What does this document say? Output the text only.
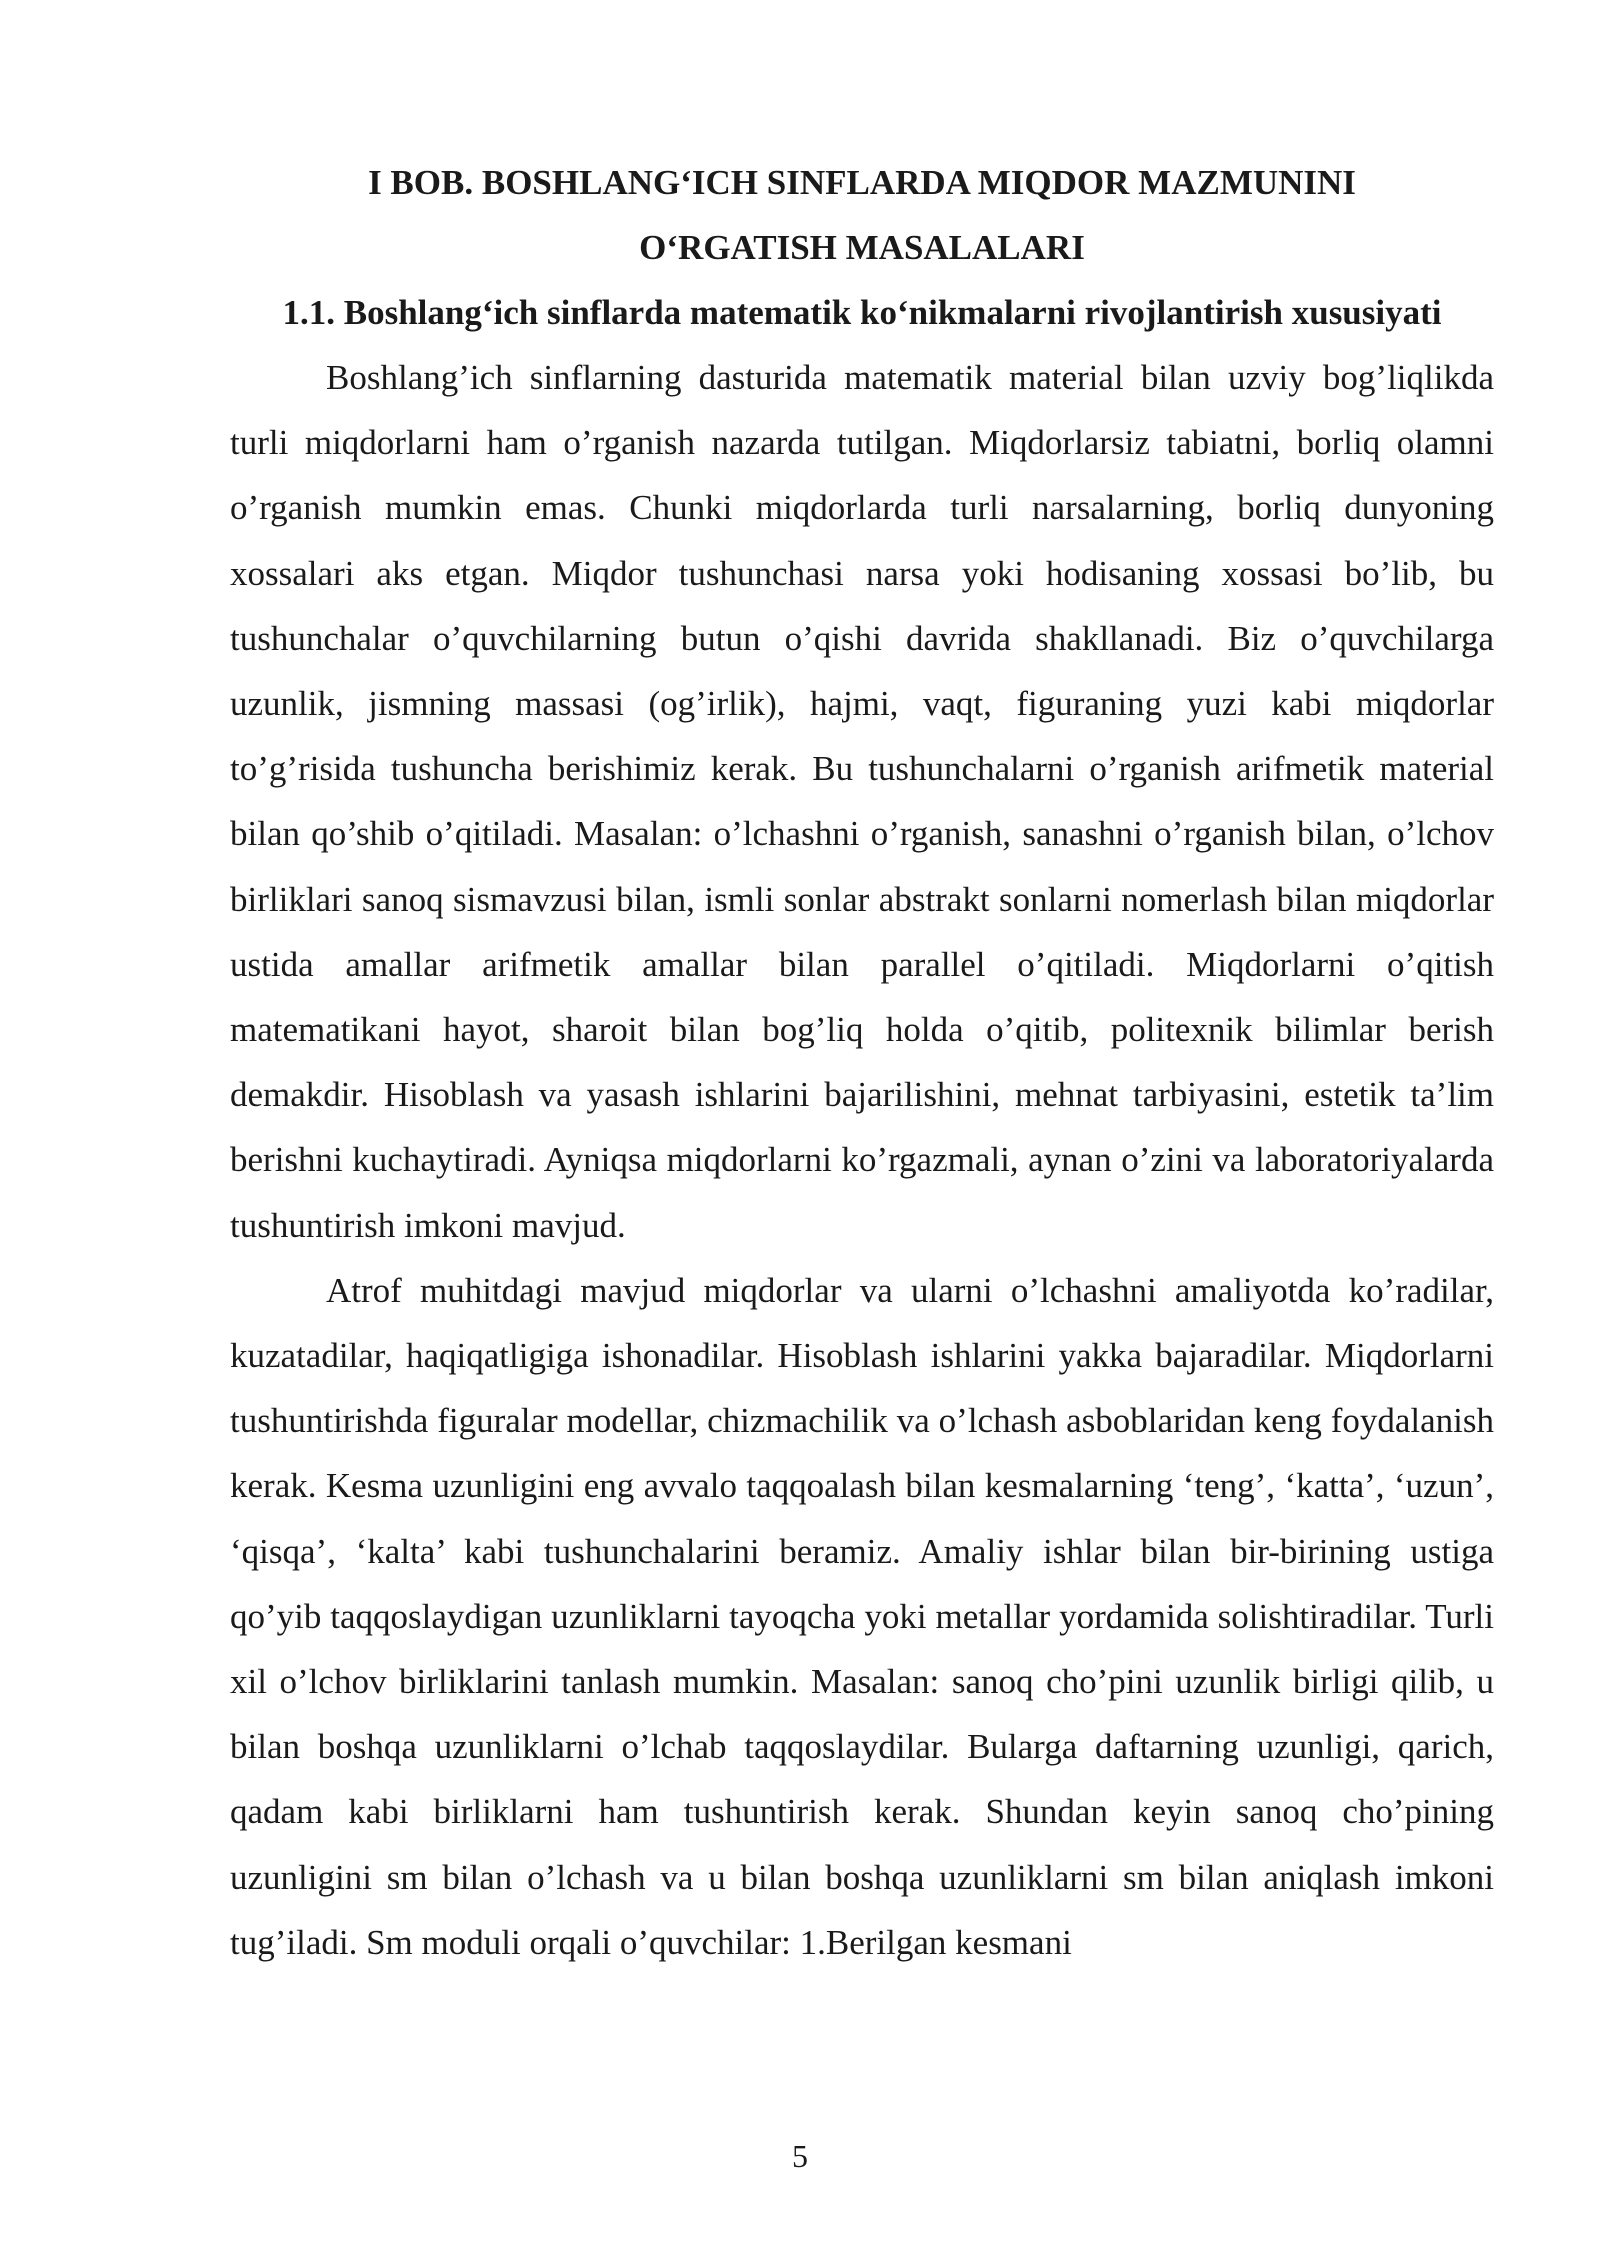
I BOB. BOSHLANG‘ICH SINFLARDA MIQDOR MAZMUNINI

O‘RGATISH MASALALARI

1.1. Boshlang‘ich sinflarda matematik ko‘nikmalarni rivojlantirish xususiyati

Boshlang’ich sinflarning dasturida matematik material bilan uzviy bog’liqlikda turli miqdorlarni ham o’rganish nazarda tutilgan. Miqdorlarsiz tabiatni, borliq olamni o’rganish mumkin emas. Chunki miqdorlarda turli narsalarning, borliq dunyoning xossalari aks etgan. Miqdor tushunchasi narsa yoki hodisaning xossasi bo’lib, bu tushunchalar o’quvchilarning butun o’qishi davrida shakllanadi. Biz o’quvchilarga uzunlik, jismning massasi (og’irlik), hajmi, vaqt, figuraning yuzi kabi miqdorlar to’g’risida tushuncha berishimiz kerak. Bu tushunchalarni o’rganish arifmetik material bilan qo’shib o’qitiladi. Masalan: o’lchashni o’rganish, sanashni o’rganish bilan, o’lchov birliklari sanoq sismavzusi bilan, ismli sonlar abstrakt sonlarni nomerlash bilan miqdorlar ustida amallar arifmetik amallar bilan parallel o’qitiladi. Miqdorlarni o’qitish matematikani hayot, sharoit bilan bog’liq holda o’qitib, politexnik bilimlar berish demakdir. Hisoblash va yasash ishlarini bajarilishini, mehnat tarbiyasini, estetik ta’lim berishni kuchaytiradi. Ayniqsa miqdorlarni ko’rgazmali, aynan o’zini va laboratoriyalarda tushuntirish imkoni mavjud.

Atrof muhitdagi mavjud miqdorlar va ularni o’lchashni amaliyotda ko’radilar, kuzatadilar, haqiqatligiga ishonadilar. Hisoblash ishlarini yakka bajaradilar. Miqdorlarni tushuntirishda figuralar modellar, chizmachilik va o’lchash asboblaridan keng foydalanish kerak. Kesma uzunligini eng avvalo taqqoalash bilan kesmalarning ‘teng’, ‘katta’, ‘uzun’, ‘qisqa’, ‘kalta’ kabi tushunchalarini beramiz. Amaliy ishlar bilan bir-birining ustiga qo’yib taqqoslaydigan uzunliklarni tayoqcha yoki metallar yordamida solishtiradilar. Turli xil o’lchov birliklarini tanlash mumkin. Masalan: sanoq cho’pini uzunlik birligi qilib, u bilan boshqa uzunliklarni o’lchab taqqoslaydilar. Bularga daftarning uzunligi, qarich, qadam kabi birliklarni ham tushuntirish kerak. Shundan keyin sanoq cho’pining uzunligini sm bilan o’lchash va u bilan boshqa uzunliklarni sm bilan aniqlash imkoni tug’iladi. Sm moduli orqali o’quvchilar: 1.Berilgan kesmani

5
